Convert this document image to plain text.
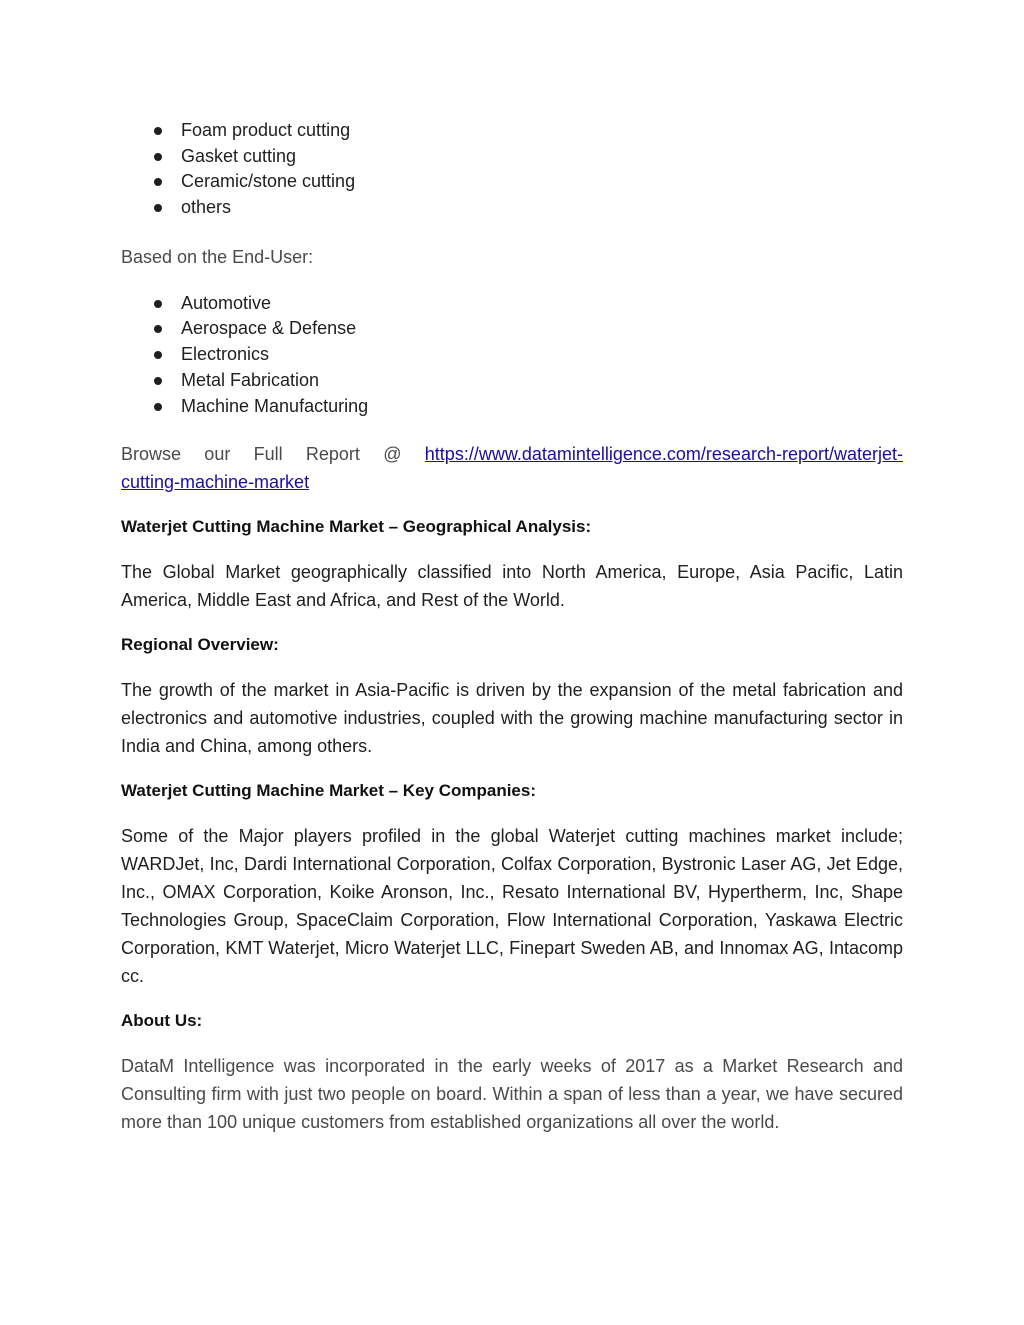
Foam product cutting
Gasket cutting
Ceramic/stone cutting
others

Based on the End-User:

Automotive
Aerospace & Defense
Electronics
Metal Fabrication
Machine Manufacturing
Browse our Full Report @ https://www.datamintelligence.com/research-report/waterjet-
cutting-machine-market

Waterjet Cutting Machine Market – Geographical Analysis:

The Global Market geographically classified into North America, Europe, Asia Pacific, Latin America, Middle East and Africa, and Rest of the World.

Regional Overview:

The growth of the market in Asia-Pacific is driven by the expansion of the metal fabrication and electronics and automotive industries, coupled with the growing machine manufacturing sector in India and China, among others.

Waterjet Cutting Machine Market – Key Companies:

Some of the Major players profiled in the global Waterjet cutting machines market include; WARDJet, Inc, Dardi International Corporation, Colfax Corporation, Bystronic Laser AG, Jet Edge, Inc., OMAX Corporation, Koike Aronson, Inc., Resato International BV, Hypertherm, Inc, Shape Technologies Group, SpaceClaim Corporation, Flow International Corporation, Yaskawa Electric Corporation, KMT Waterjet, Micro Waterjet LLC, Finepart Sweden AB, and Innomax AG, Intacomp cc.

About Us:

DataM Intelligence was incorporated in the early weeks of 2017 as a Market Research and Consulting firm with just two people on board. Within a span of less than a year, we have secured more than 100 unique customers from established organizations all over the world.
